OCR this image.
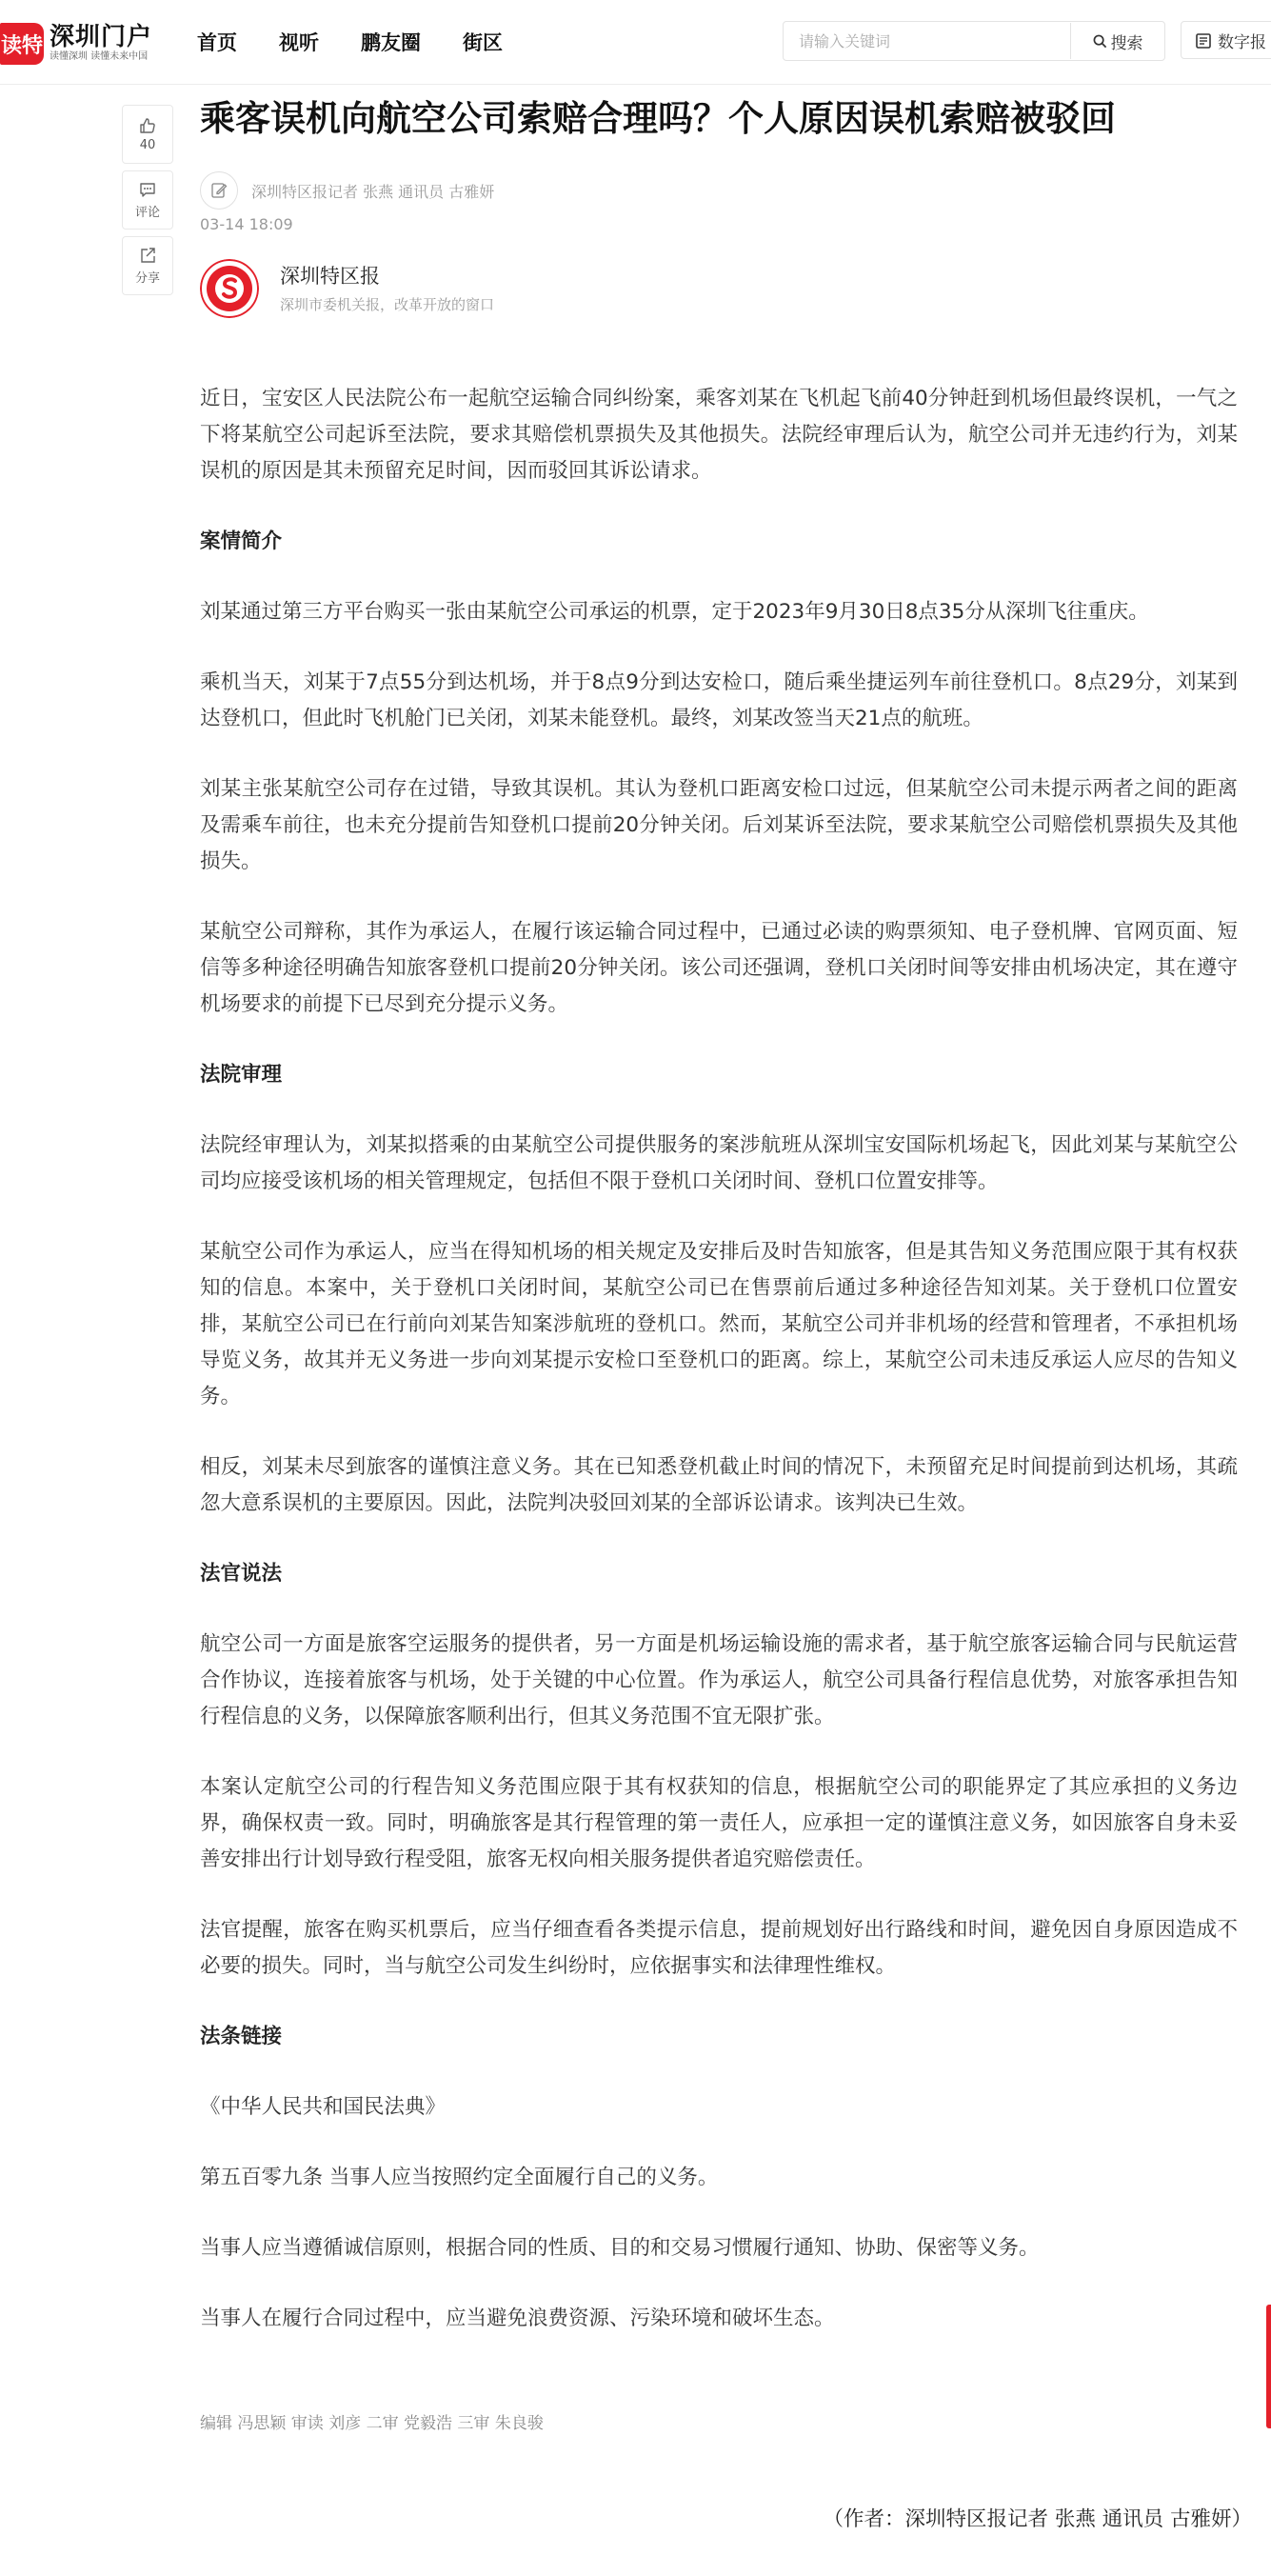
读特 深圳门户
读懂深圳 读懂未来中国
首页 视听 鹏友圈 街区
请输入关键词	搜索	数字报
40
评论
分享
乘客误机向航空公司索赔合理吗？个人原因误机索赔被驳回
深圳特区报记者 张燕 通讯员 古雅妍
03-14 18:09
深圳特区报
深圳市委机关报，改革开放的窗口

近日，宝安区人民法院公布一起航空运输合同纠纷案，乘客刘某在飞机起飞前40分钟赶到机场但最终误机，一气之下将某航空公司起诉至法院，要求其赔偿机票损失及其他损失。法院经审理后认为，航空公司并无违约行为，刘某误机的原因是其未预留充足时间，因而驳回其诉讼请求。

案情简介

刘某通过第三方平台购买一张由某航空公司承运的机票，定于2023年9月30日8点35分从深圳飞往重庆。

乘机当天，刘某于7点55分到达机场，并于8点9分到达安检口，随后乘坐捷运列车前往登机口。8点29分，刘某到达登机口，但此时飞机舱门已关闭，刘某未能登机。最终，刘某改签当天21点的航班。

刘某主张某航空公司存在过错，导致其误机。其认为登机口距离安检口过远，但某航空公司未提示两者之间的距离及需乘车前往，也未充分提前告知登机口提前20分钟关闭。后刘某诉至法院，要求某航空公司赔偿机票损失及其他损失。

某航空公司辩称，其作为承运人，在履行该运输合同过程中，已通过必读的购票须知、电子登机牌、官网页面、短信等多种途径明确告知旅客登机口提前20分钟关闭。该公司还强调，登机口关闭时间等安排由机场决定，其在遵守机场要求的前提下已尽到充分提示义务。

法院审理

法院经审理认为，刘某拟搭乘的由某航空公司提供服务的案涉航班从深圳宝安国际机场起飞，因此刘某与某航空公司均应接受该机场的相关管理规定，包括但不限于登机口关闭时间、登机口位置安排等。

某航空公司作为承运人，应当在得知机场的相关规定及安排后及时告知旅客，但是其告知义务范围应限于其有权获知的信息。本案中，关于登机口关闭时间，某航空公司已在售票前后通过多种途径告知刘某。关于登机口位置安排，某航空公司已在行前向刘某告知案涉航班的登机口。然而，某航空公司并非机场的经营和管理者，不承担机场导览义务，故其并无义务进一步向刘某提示安检口至登机口的距离。综上，某航空公司未违反承运人应尽的告知义务。

相反，刘某未尽到旅客的谨慎注意义务。其在已知悉登机截止时间的情况下，未预留充足时间提前到达机场，其疏忽大意系误机的主要原因。因此，法院判决驳回刘某的全部诉讼请求。该判决已生效。

法官说法

航空公司一方面是旅客空运服务的提供者，另一方面是机场运输设施的需求者，基于航空旅客运输合同与民航运营合作协议，连接着旅客与机场，处于关键的中心位置。作为承运人，航空公司具备行程信息优势，对旅客承担告知行程信息的义务，以保障旅客顺利出行，但其义务范围不宜无限扩张。

本案认定航空公司的行程告知义务范围应限于其有权获知的信息，根据航空公司的职能界定了其应承担的义务边界，确保权责一致。同时，明确旅客是其行程管理的第一责任人，应承担一定的谨慎注意义务，如因旅客自身未妥善安排出行计划导致行程受阻，旅客无权向相关服务提供者追究赔偿责任。

法官提醒，旅客在购买机票后，应当仔细查看各类提示信息，提前规划好出行路线和时间，避免因自身原因造成不必要的损失。同时，当与航空公司发生纠纷时，应依据事实和法律理性维权。

法条链接

《中华人民共和国民法典》

第五百零九条 当事人应当按照约定全面履行自己的义务。

当事人应当遵循诚信原则，根据合同的性质、目的和交易习惯履行通知、协助、保密等义务。

当事人在履行合同过程中，应当避免浪费资源、污染环境和破坏生态。

编辑 冯思颖 审读 刘彦 二审 党毅浩 三审 朱良骏
（作者：深圳特区报记者 张燕 通讯员 古雅妍）
